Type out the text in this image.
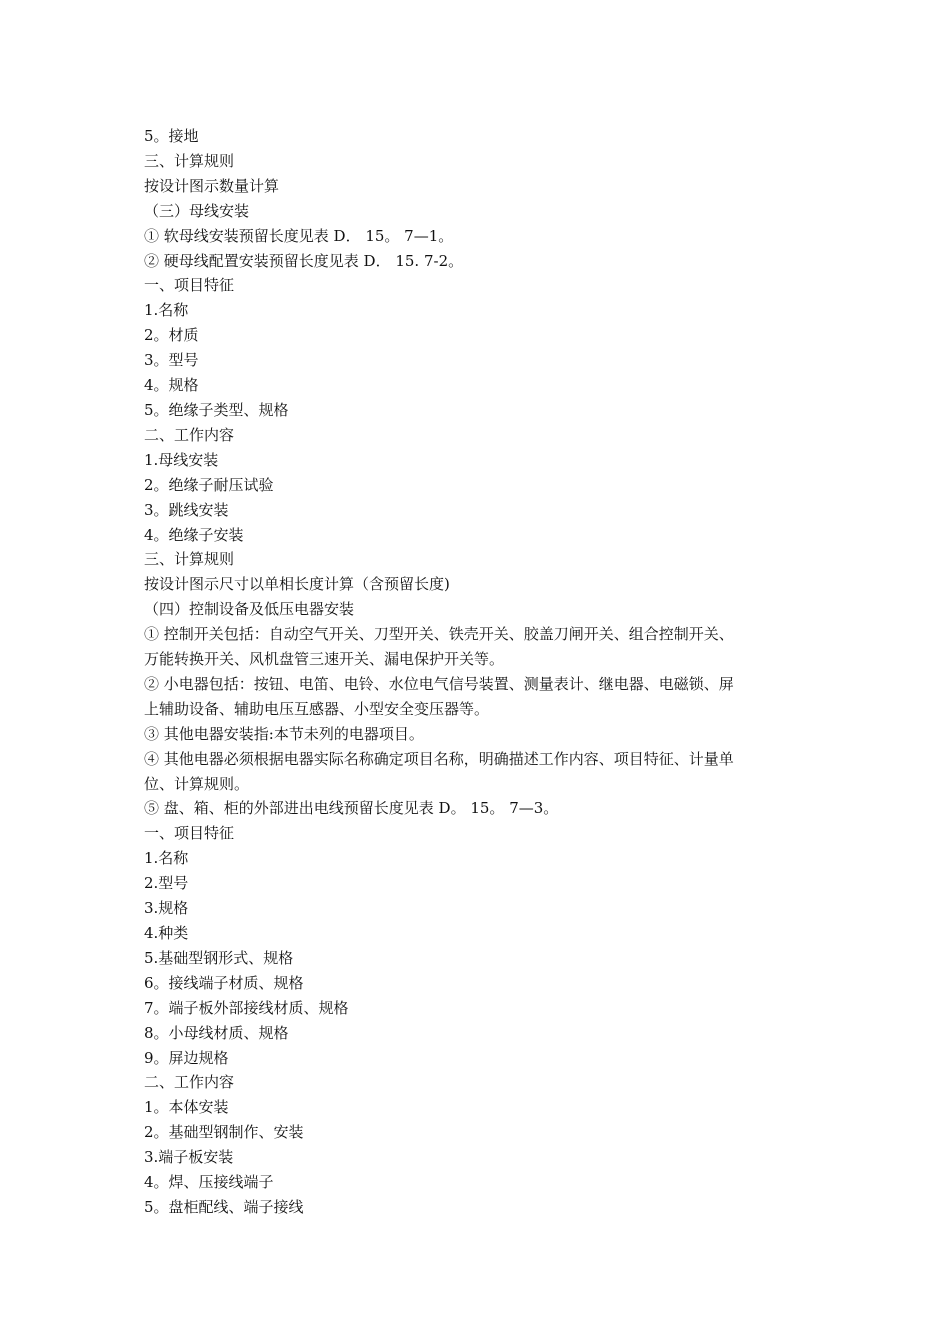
5。接地
三、计算规则
按设计图示数量计算
（三）母线安装
① 软母线安装预留长度见表 D． 15。 7—1。
② 硬母线配置安装预留长度见表 D． 15. 7-2。
一、项目特征
1.名称
2。材质
3。型号
4。规格
5。绝缘子类型、规格
二、工作内容
1.母线安装
2。绝缘子耐压试验
3。跳线安装
4。绝缘子安装
三、计算规则
按设计图示尺寸以单相长度计算（含预留长度)
（四）控制设备及低压电器安装
① 控制开关包括：自动空气开关、刀型开关、铁壳开关、胶盖刀闸开关、组合控制开关、
万能转换开关、风机盘管三速开关、漏电保护开关等。
② 小电器包括：按钮、电笛、电铃、水位电气信号装置、测量表计、继电器、电磁锁、屏
上辅助设备、辅助电压互感器、小型安全变压器等。
③ 其他电器安装指:本节未列的电器项目。
④ 其他电器必须根据电器实际名称确定项目名称，明确描述工作内容、项目特征、计量单
位、计算规则。
⑤ 盘、箱、柜的外部进出电线预留长度见表 D。 15。 7—3。
一、项目特征
1.名称
2.型号
3.规格
4.种类
5.基础型钢形式、规格
6。接线端子材质、规格
7。端子板外部接线材质、规格
8。小母线材质、规格
9。屏边规格
二、工作内容
1。本体安装
2。基础型钢制作、安装
3.端子板安装
4。焊、压接线端子
5。盘柜配线、端子接线
